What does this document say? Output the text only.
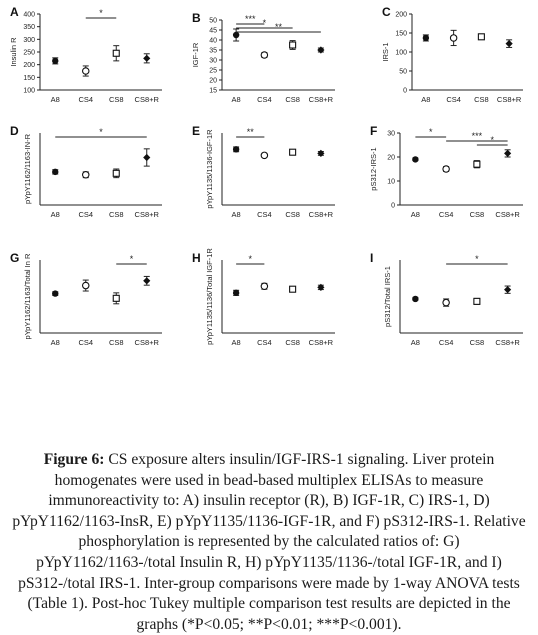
A
100
150
200
250
300
350
400
Insulin R
A8 CS4 CS8 CS8+R
*	B
15
20
25
30
35
40
45
50
IGF-1R
A8 CS4 CS8 CS8+R
*** * **
C
0
50
100
150
200
IRS-1
A8 CS4 CS8 CS8+R
D
pYpY1162/1163-IN-R
A8 CS4 CS8 CS8+R
*	E pYpY1135/1136-IGF-1R
A8 CS4 CS8 CS8+R
**	F
0
10
20
30
pS312-IRS-1
A8	CS4 CS8 CS8+R
*	*** *
G pYpY1162/1163/Total In R
A8 CS4 CS8 CS8+R
*	H pYpY1135/1136/Total IGF-1R A8 CS4 CS8 CS8+R
*	I
pS312/Total IRS-1
A8	CS4 CS8 CS8+R
*
Figure 6: CS exposure alters insulin/IGF-IRS-1 signaling. Liver protein homogenates were used in bead-based multiplex ELISAs to measure immunoreactivity to: A) insulin receptor (R), B) IGF-1R, C) IRS-1, D) pYpY1162/1163-InsR, E) pYpY1135/1136-IGF-1R, and F) pS312-IRS-1. Relative phosphorylation is represented by the calculated ratios of: G) pYpY1162/1163-/total Insulin R, H) pYpY1135/1136-/total IGF-1R, and I) pS312-/total IRS-1. Inter-group comparisons were made by 1-way ANOVA tests (Table 1). Post-hoc Tukey multiple comparison test results are depicted in the graphs (*P<0.05; **P<0.01; ***P<0.001).
